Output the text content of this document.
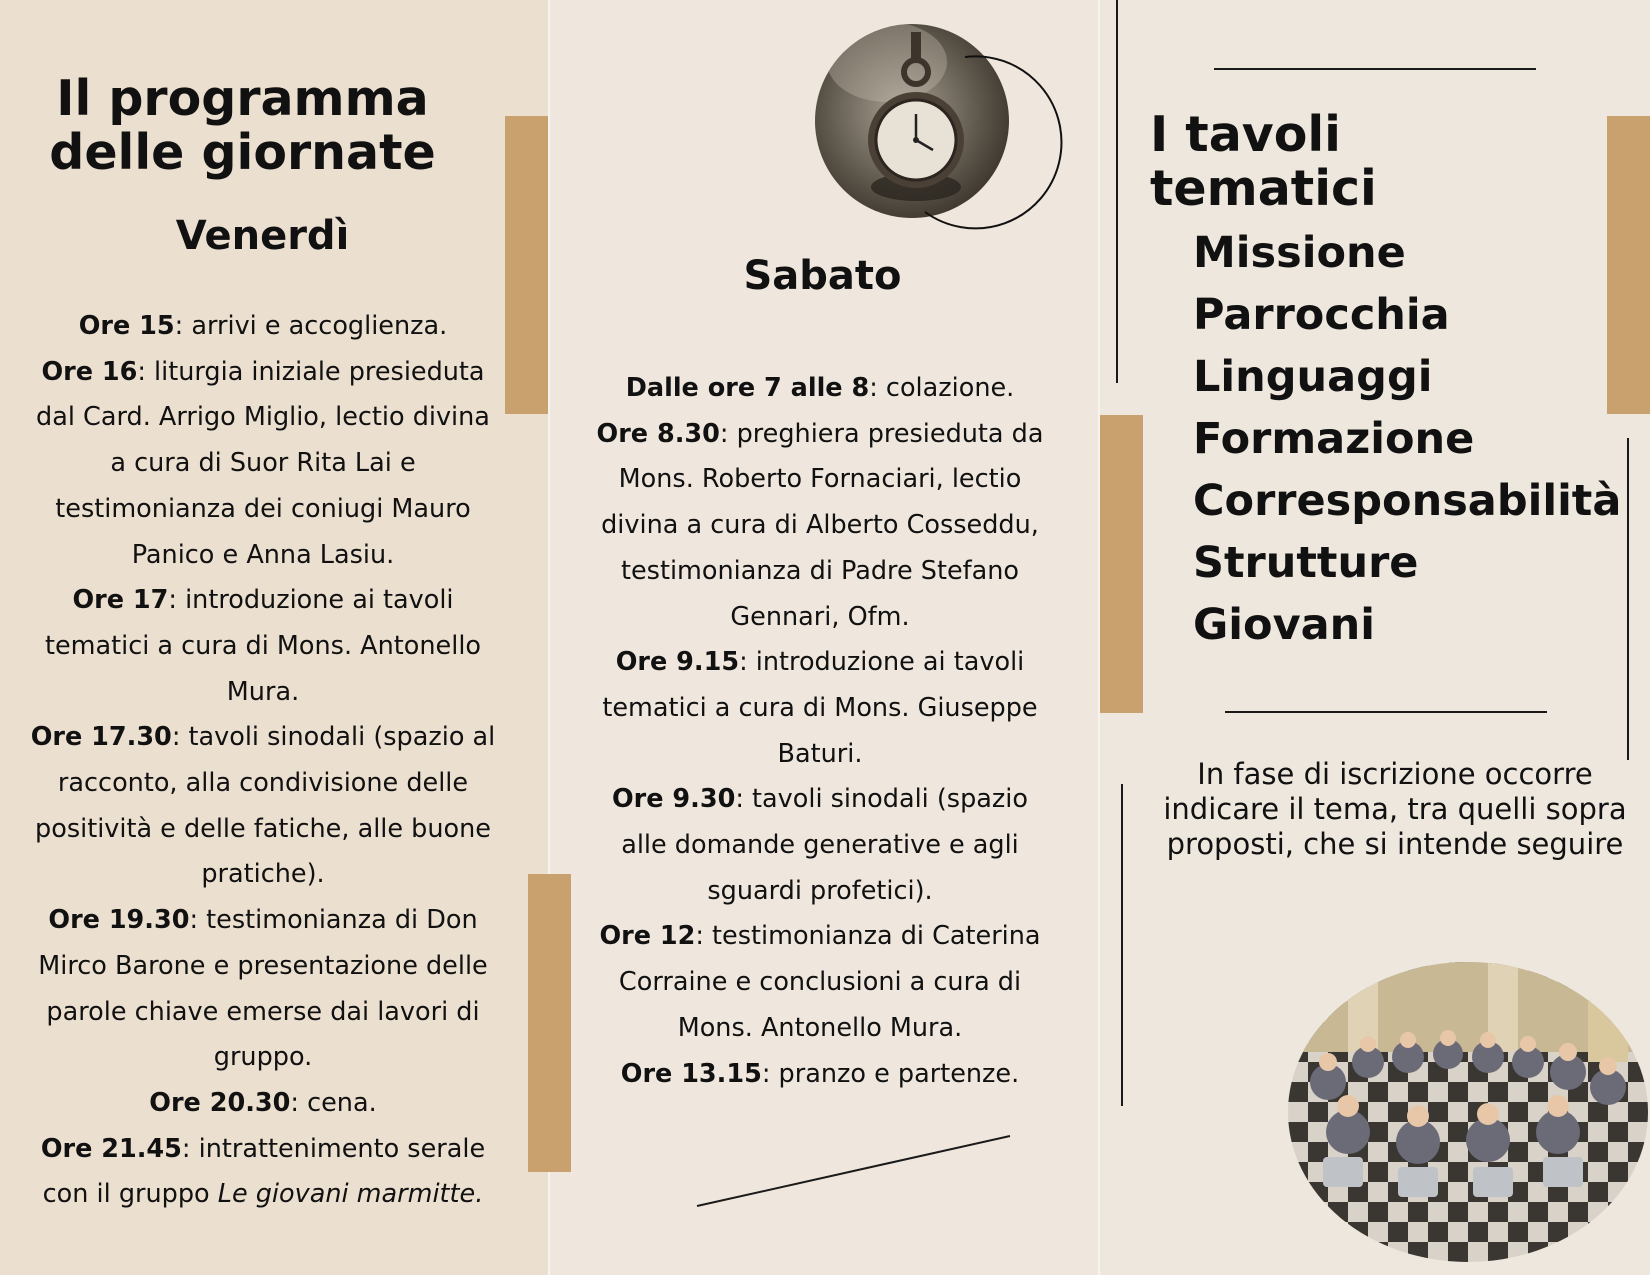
Il programma
delle giornate
Venerdì
Ore 15: arrivi e accoglienza.
Ore 16: liturgia iniziale presieduta dal Card. Arrigo Miglio, lectio divina a cura di Suor Rita Lai e testimonianza dei coniugi Mauro Panico e Anna Lasiu.
Ore 17: introduzione ai tavoli tematici a cura di Mons. Antonello Mura.
Ore 17.30: tavoli sinodali (spazio al racconto, alla condivisione delle positività e delle fatiche, alle buone pratiche).
Ore 19.30: testimonianza di Don Mirco Barone e presentazione delle parole chiave emerse dai lavori di gruppo.
Ore 20.30: cena.
Ore 21.45: intrattenimento serale con il gruppo Le giovani marmitte.
Sabato
Dalle ore 7 alle 8: colazione.
Ore 8.30: preghiera presieduta da Mons. Roberto Fornaciari, lectio divina a cura di Alberto Cosseddu, testimonianza di Padre Stefano Gennari, Ofm.
Ore 9.15: introduzione ai tavoli tematici a cura di Mons. Giuseppe Baturi.
Ore 9.30: tavoli sinodali (spazio alle domande generative e agli sguardi profetici).
Ore 12: testimonianza di Caterina Corraine e conclusioni a cura di Mons. Antonello Mura.
Ore 13.15: pranzo e partenze.
I tavoli tematici
Missione
Parrocchia
Linguaggi
Formazione
Corresponsabilità
Strutture
Giovani
In fase di iscrizione occorre indicare il tema, tra quelli sopra proposti, che si intende seguire
